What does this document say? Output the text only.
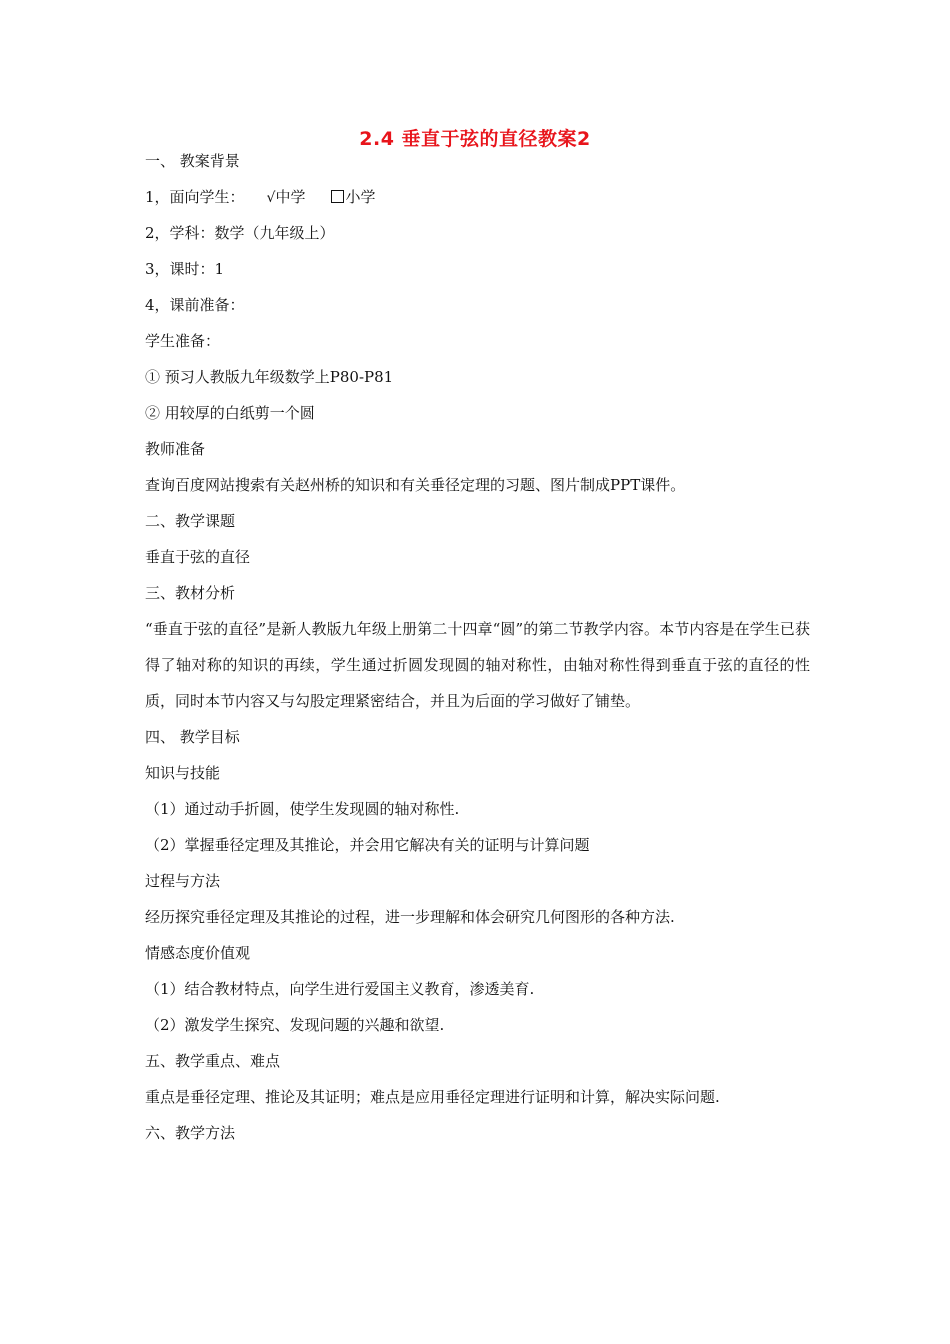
2.4 垂直于弦的直径教案2
一、 教案背景
1，面向学生： √中学	小学
2，学科：数学（九年级上）
3，课时：1
4，课前准备：
学生准备：
① 预习人教版九年级数学上P80-P81
② 用较厚的白纸剪一个圆
教师准备
查询百度网站搜索有关赵州桥的知识和有关垂径定理的习题、图片制成PPT课件。
二、教学课题
垂直于弦的直径
三、教材分析

“垂直于弦的直径”是新人教版九年级上册第二十四章“圆”的第二节教学内容。本节内容是在学生已获得了轴对称的知识的再续，学生通过折圆发现圆的轴对称性，由轴对称性得到垂直于弦的直径的性质，同时本节内容又与勾股定理紧密结合，并且为后面的学习做好了铺垫。

四、 教学目标
知识与技能
（1）通过动手折圆，使学生发现圆的轴对称性.
（2）掌握垂径定理及其推论，并会用它解决有关的证明与计算问题
过程与方法
经历探究垂径定理及其推论的过程，进一步理解和体会研究几何图形的各种方法.
情感态度价值观
（1）结合教材特点，向学生进行爱国主义教育，渗透美育.
（2）激发学生探究、发现问题的兴趣和欲望.
五、教学重点、难点
重点是垂径定理、推论及其证明；难点是应用垂径定理进行证明和计算，解决实际问题.
六、教学方法
